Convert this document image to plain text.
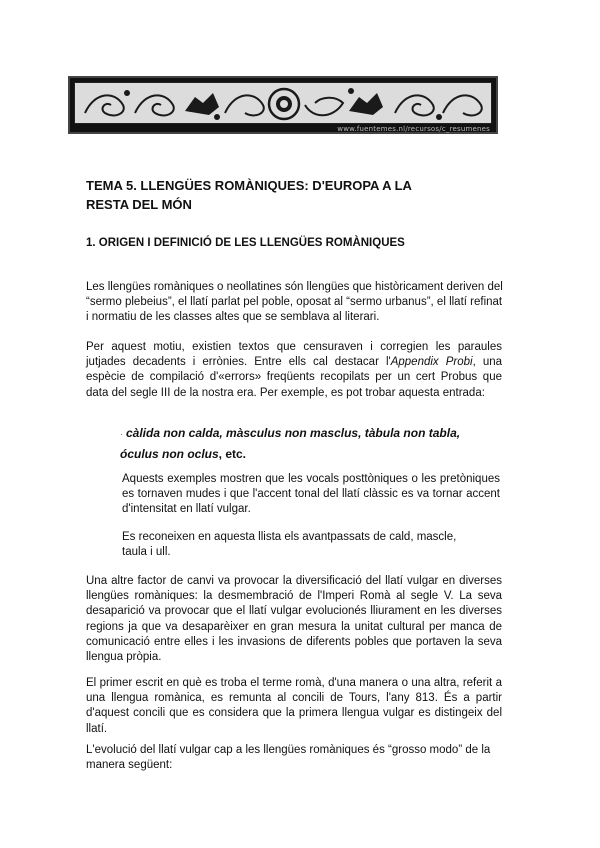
www.fuentemes.nl/recursos/c_resumenes
TEMA 5. LLENGÜES ROMÀNIQUES: D'EUROPA A LA
RESTA DEL MÓN
1. ORIGEN I DEFINICIÓ DE LES LLENGÜES ROMÀNIQUES

Les llengües romàniques o neollatines són llengües que històricament deriven del “sermo plebeius”, el llatí parlat pel poble, oposat al “sermo urbanus”, el llatí refinat i normatiu de les classes altes que se semblava al literari.

Per aquest motiu, existien textos que censuraven i corregien les paraules jutjades decadents i errònies. Entre ells cal destacar l'Appendix Probi, una espècie de compilació d'«errors» freqüents recopilats per un cert Probus que data del segle III de la nostra era. Per exemple, es pot trobar aquesta entrada:

· càlida non calda, màsculus non masclus, tàbula non tabla,
óculus non oclus, etc.

Aquests exemples mostren que les vocals posttòniques o les pretòniques es tornaven mudes i que l'accent tonal del llatí clàssic es va tornar accent d'intensitat en llatí vulgar.

Es reconeixen en aquesta llista els avantpassats de cald, mascle, taula i ull.

Una altre factor de canvi va provocar la diversificació del llatí vulgar en diverses llengües romàniques: la desmembració de l'Imperi Romà al segle V. La seva desaparició va provocar que el llatí vulgar evolucionés lliurament en les diverses regions ja que va desaparèixer en gran mesura la unitat cultural per manca de comunicació entre elles i les invasions de diferents pobles que portaven la seva llengua pròpia.

El primer escrit en què es troba el terme romà, d'una manera o una altra, referit a una llengua romànica, es remunta al concili de Tours, l'any 813. És a partir d'aquest concili que es considera que la primera llengua vulgar es distingeix del llatí.

L'evolució del llatí vulgar cap a les llengües romàniques és “grosso modo” de la manera següent:
